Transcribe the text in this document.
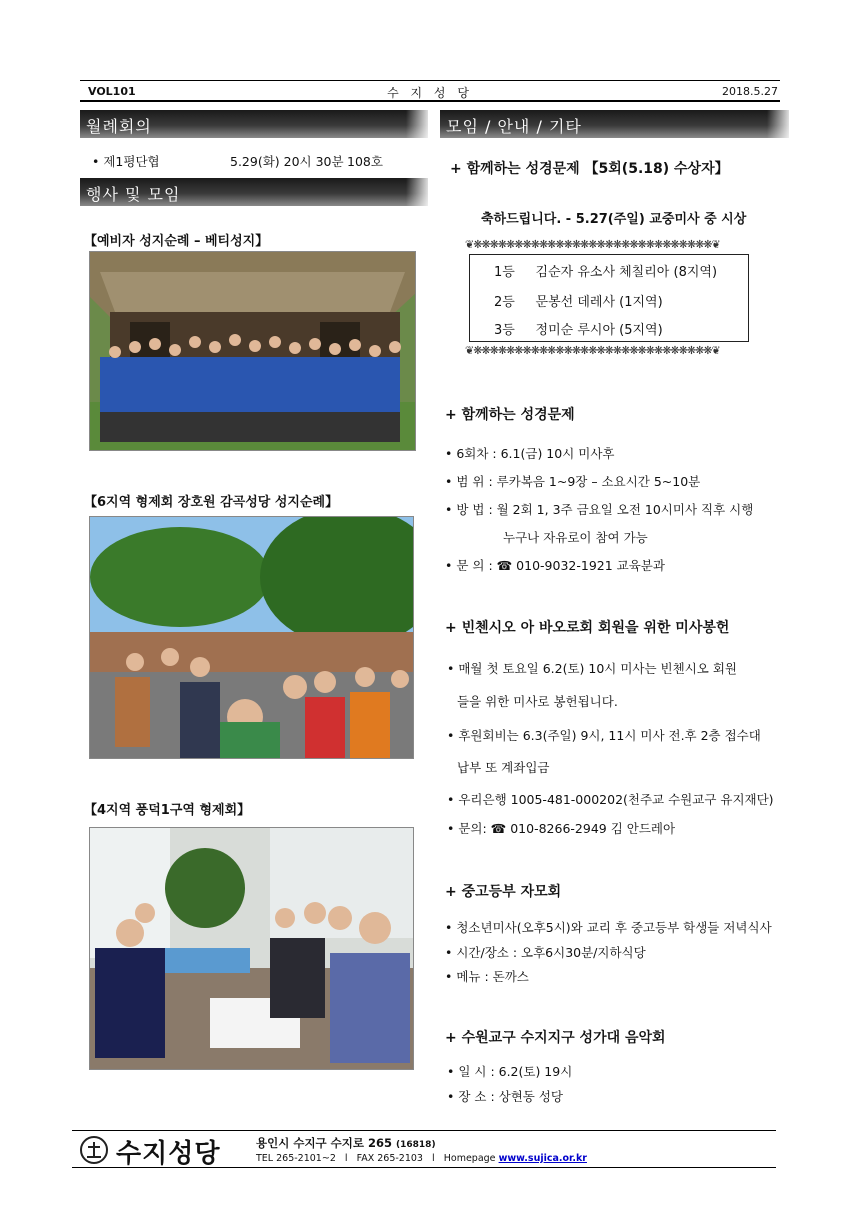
VOL101	수 지 성 당	2018.5.27
월례회의
• 제1평단협	5.29(화) 20시 30분 108호
행사 및 모임
【예비자 성지순례 – 베티성지】
【6지역 형제회 장호원 감곡성당 성지순례】
【4지역 풍덕1구역 형제회】
모임 / 안내 / 기타
+ 함께하는 성경문제 【5회(5.18) 수상자】
축하드립니다. - 5.27(주일) 교중미사 중 시상
❦❋❋❋❋❋❋❋❋❋❋❋❋❋❋❋❋❋❋❋❋❋❋❋❋❋❋❋❋❋❦
❦❋❋❋❋❋❋❋❋❋❋❋❋❋❋❋❋❋❋❋❋❋❋❋❋❋❋❋❋❋❦
1등 김순자 유소사 체칠리아 (8지역)
2등 문봉선 데레사 (1지역)
3등 정미순 루시아 (5지역)
+ 함께하는 성경문제
• 6회차 : 6.1(금) 10시 미사후
• 범 위 : 루카복음 1~9장 – 소요시간 5~10분
• 방 법 : 월 2회 1, 3주 금요일 오전 10시미사 직후 시행
누구나 자유로이 참여 가능
• 문 의 : ☎ 010-9032-1921 교육분과
+ 빈첸시오 아 바오로회 회원을 위한 미사봉헌
• 매월 첫 토요일 6.2(토) 10시 미사는 빈첸시오 회원
들을 위한 미사로 봉헌됩니다.
• 후원회비는 6.3(주일) 9시, 11시 미사 전.후 2층 접수대
납부 또 계좌입금
• 우리은행 1005-481-000202(천주교 수원교구 유지재단)
• 문의: ☎ 010-8266-2949 김 안드레아
+ 중고등부 자모회
• 청소년미사(오후5시)와 교리 후 중고등부 학생들 저녁식사
• 시간/장소 : 오후6시30분/지하식당
• 메뉴 : 돈까스
+ 수원교구 수지지구 성가대 음악회
• 일 시 : 6.2(토) 19시
• 장 소 : 상현동 성당
수지성당	용인시 수지구 수지로 265 (16818)
TEL 265-2101~2 l FAX 265-2103 l Homepage www.sujica.or.kr
